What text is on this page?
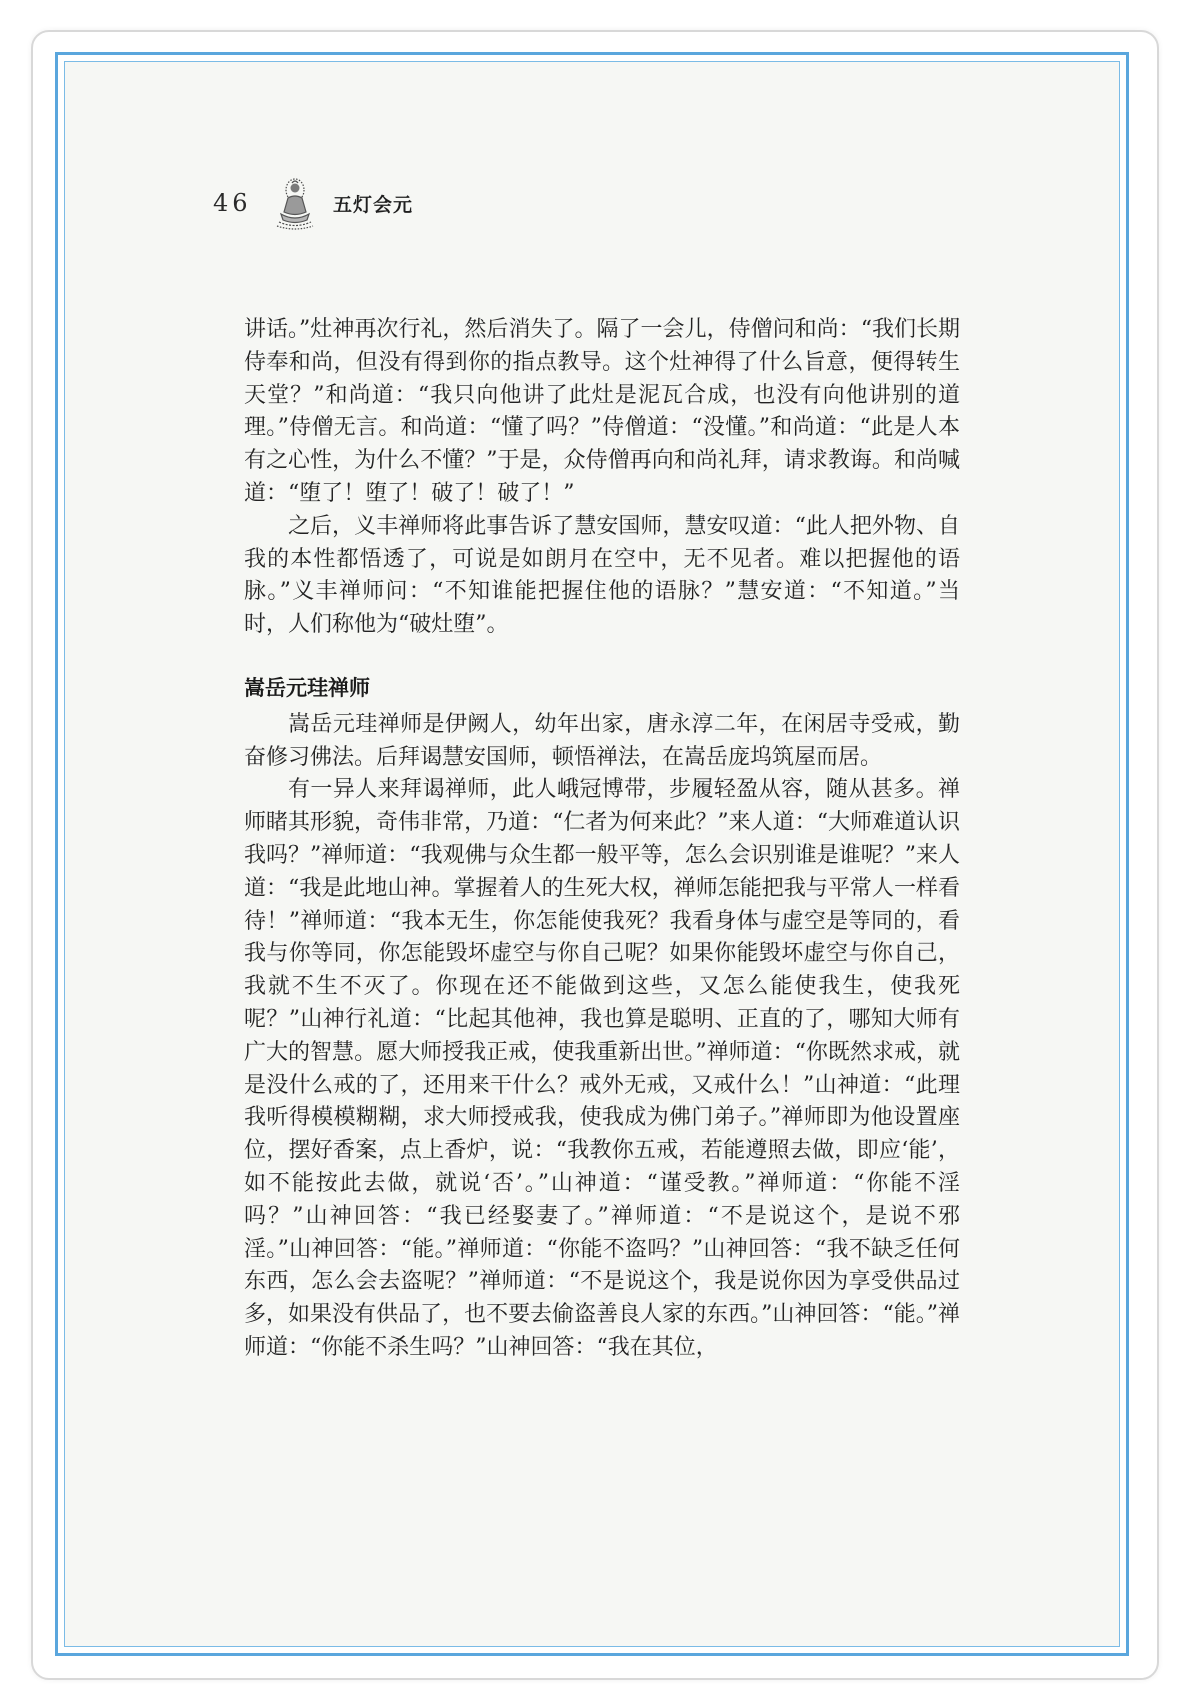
46	五灯会元

讲话。”灶神再次行礼，然后消失了。隔了一会儿，侍僧问和尚：“我们长期侍奉和尚，但没有得到你的指点教导。这个灶神得了什么旨意，便得转生天堂？”和尚道：“我只向他讲了此灶是泥瓦合成，也没有向他讲别的道理。”侍僧无言。和尚道：“懂了吗？”侍僧道：“没懂。”和尚道：“此是人本有之心性，为什么不懂？”于是，众侍僧再向和尚礼拜，请求教诲。和尚喊道：“堕了！堕了！破了！破了！”

之后，义丰禅师将此事告诉了慧安国师，慧安叹道：“此人把外物、自我的本性都悟透了，可说是如朗月在空中，无不见者。难以把握他的语脉。”义丰禅师问：“不知谁能把握住他的语脉？”慧安道：“不知道。”当时，人们称他为“破灶堕”。

嵩岳元珪禅师

嵩岳元珪禅师是伊阙人，幼年出家，唐永淳二年，在闲居寺受戒，勤奋修习佛法。后拜谒慧安国师，顿悟禅法，在嵩岳庞坞筑屋而居。

有一异人来拜谒禅师，此人峨冠博带，步履轻盈从容，随从甚多。禅师睹其形貌，奇伟非常，乃道：“仁者为何来此？”来人道：“大师难道认识我吗？”禅师道：“我观佛与众生都一般平等，怎么会识别谁是谁呢？”来人道：“我是此地山神。掌握着人的生死大权，禅师怎能把我与平常人一样看待！”禅师道：“我本无生，你怎能使我死？我看身体与虚空是等同的，看我与你等同，你怎能毁坏虚空与你自己呢？如果你能毁坏虚空与你自己，我就不生不灭了。你现在还不能做到这些，又怎么能使我生，使我死呢？”山神行礼道：“比起其他神，我也算是聪明、正直的了，哪知大师有广大的智慧。愿大师授我正戒，使我重新出世。”禅师道：“你既然求戒，就是没什么戒的了，还用来干什么？戒外无戒，又戒什么！”山神道：“此理我听得模模糊糊，求大师授戒我，使我成为佛门弟子。”禅师即为他设置座位，摆好香案，点上香炉，说：“我教你五戒，若能遵照去做，即应‘能’，如不能按此去做，就说‘否’。”山神道：“谨受教。”禅师道：“你能不淫吗？”山神回答：“我已经娶妻了。”禅师道：“不是说这个，是说不邪淫。”山神回答：“能。”禅师道：“你能不盗吗？”山神回答：“我不缺乏任何东西，怎么会去盗呢？”禅师道：“不是说这个，我是说你因为享受供品过多，如果没有供品了，也不要去偷盗善良人家的东西。”山神回答：“能。”禅师道：“你能不杀生吗？”山神回答：“我在其位，
